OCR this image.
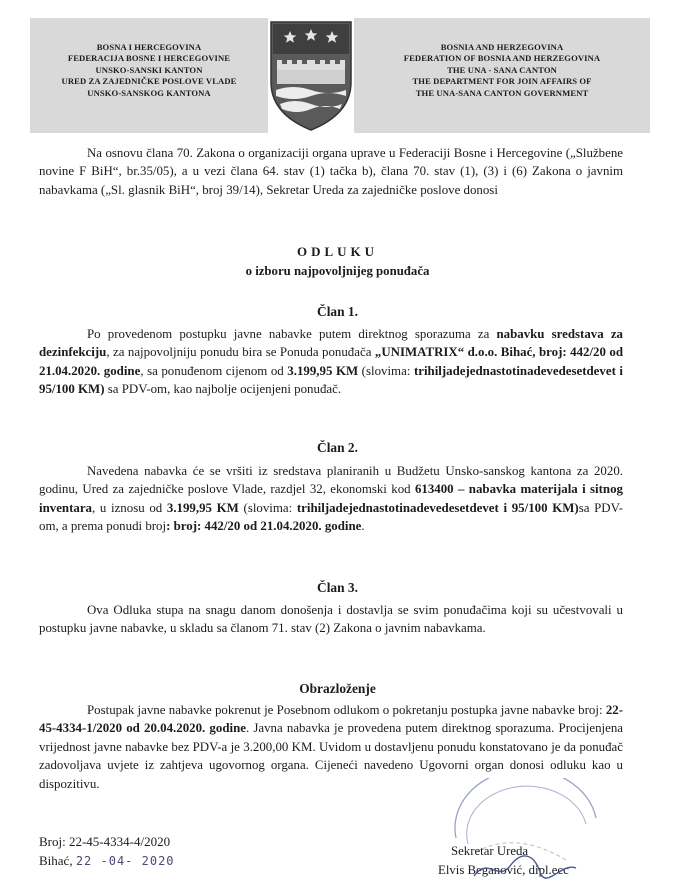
BOSNA I HERCEGOVINA
FEDERACIJA BOSNE I HERCEGOVINE
UNSKO-SANSKI KANTON
URED ZA ZAJEDNIČKE POSLOVE VLADE
UNSKO-SANSKOG KANTONA
BOSNIA AND HERZEGOVINA
FEDERATION OF BOSNIA AND HERZEGOVINA
THE UNA - SANA CANTON
THE DEPARTMENT FOR JOIN AFFAIRS OF
THE UNA-SANA CANTON GOVERNMENT

Na osnovu člana 70. Zakona o organizaciji organa uprave u Federaciji Bosne i Hercegovine („Službene novine F BiH“, br.35/05), a u vezi člana 64. stav (1) tačka b), člana 70. stav (1), (3) i (6) Zakona o javnim nabavkama („Sl. glasnik BiH“, broj 39/14), Sekretar Ureda za zajedničke poslove donosi

ODLUKU
o izboru najpovoljnijeg ponuđača
Član 1.

Po provedenom postupku javne nabavke putem direktnog sporazuma za nabavku sredstava za dezinfekciju, za najpovoljniju ponudu bira se Ponuda ponuđača „UNIMATRIX“ d.o.o. Bihać, broj: 442/20 od 21.04.2020. godine, sa ponuđenom cijenom od 3.199,95 KM (slovima: trihiljadejednastotinadevedesetdevet i 95/100 KM) sa PDV-om, kao najbolje ocijenjeni ponuđač.

Član 2.

Navedena nabavka će se vršiti iz sredstava planiranih u Budžetu Unsko-sanskog kantona za 2020. godinu, Ured za zajedničke poslove Vlade, razdjel 32, ekonomski kod 613400 – nabavka materijala i sitnog inventara, u iznosu od 3.199,95 KM (slovima: trihiljadejednastotinadevedesetdevet i 95/100 KM)sa PDV-om, a prema ponudi broj: broj: 442/20 od 21.04.2020. godine.

Član 3.

Ova Odluka stupa na snagu danom donošenja i dostavlja se svim ponuđačima koji su učestvovali u postupku javne nabavke, u skladu sa članom 71. stav (2) Zakona o javnim nabavkama.

Obrazloženje

Postupak javne nabavke pokrenut je Posebnom odlukom o pokretanju postupka javne nabavke broj: 22-45-4334-1/2020 od 20.04.2020. godine. Javna nabavka je provedena putem direktnog sporazuma. Procijenjena vrijednost javne nabavke bez PDV-a je 3.200,00 KM. Uvidom u dostavljenu ponudu konstatovano je da ponuđač zadovoljava uvjete iz zahtjeva ugovornog organa. Cijeneći navedeno Ugovorni organ donosi odluku kao u dispozitivu.

Broj: 22-45-4334-4/2020
Bihać, 22 -04- 2020
Sekretar Ureda
Elvis Beganović, dipl.ecc
